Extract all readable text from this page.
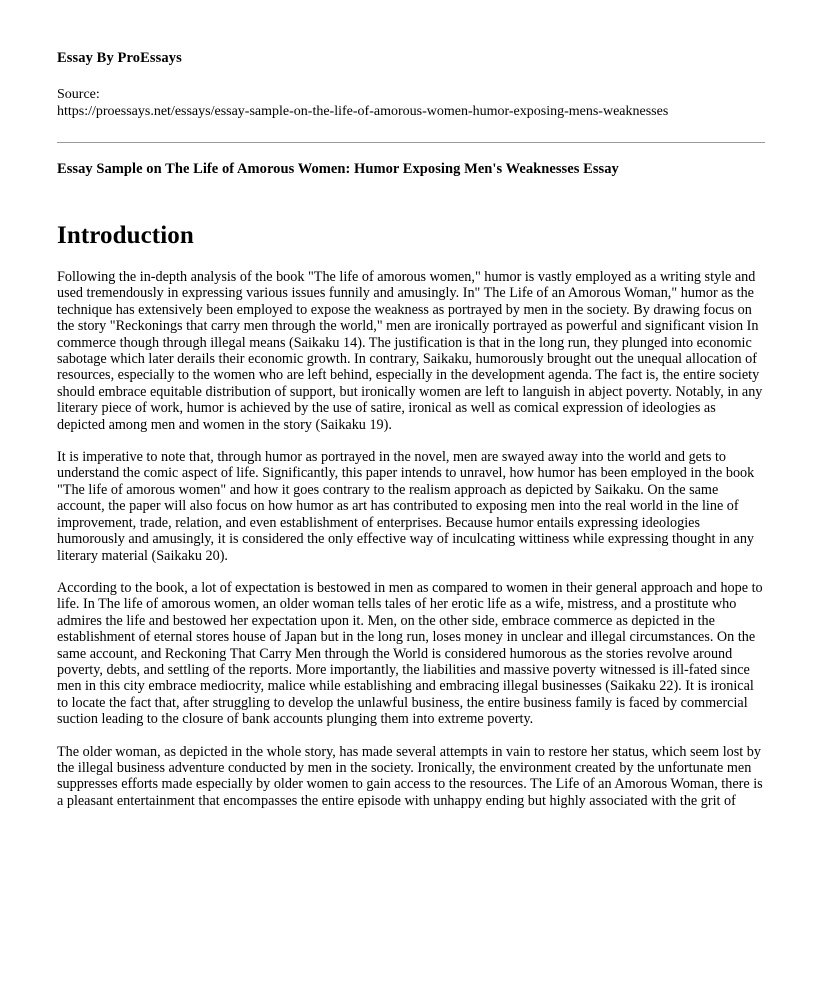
Essay By ProEssays
Source:
https://proessays.net/essays/essay-sample-on-the-life-of-amorous-women-humor-exposing-mens-weaknesses
Essay Sample on The Life of Amorous Women: Humor Exposing Men's Weaknesses Essay
Introduction

Following the in-depth analysis of the book "The life of amorous women," humor is vastly employed as a writing style and used tremendously in expressing various issues funnily and amusingly. In" The Life of an Amorous Woman," humor as the technique has extensively been employed to expose the weakness as portrayed by men in the society. By drawing focus on the story "Reckonings that carry men through the world," men are ironically portrayed as powerful and significant vision In commerce though through illegal means (Saikaku 14). The justification is that in the long run, they plunged into economic sabotage which later derails their economic growth. In contrary, Saikaku, humorously brought out the unequal allocation of resources, especially to the women who are left behind, especially in the development agenda. The fact is, the entire society should embrace equitable distribution of support, but ironically women are left to languish in abject poverty. Notably, in any literary piece of work, humor is achieved by the use of satire, ironical as well as comical expression of ideologies as depicted among men and women in the story (Saikaku 19).

It is imperative to note that, through humor as portrayed in the novel, men are swayed away into the world and gets to understand the comic aspect of life. Significantly, this paper intends to unravel, how humor has been employed in the book "The life of amorous women" and how it goes contrary to the realism approach as depicted by Saikaku. On the same account, the paper will also focus on how humor as art has contributed to exposing men into the real world in the line of improvement, trade, relation, and even establishment of enterprises. Because humor entails expressing ideologies humorously and amusingly, it is considered the only effective way of inculcating wittiness while expressing thought in any literary material (Saikaku 20).

According to the book, a lot of expectation is bestowed in men as compared to women in their general approach and hope to life. In The life of amorous women, an older woman tells tales of her erotic life as a wife, mistress, and a prostitute who admires the life and bestowed her expectation upon it. Men, on the other side, embrace commerce as depicted in the establishment of eternal stores house of Japan but in the long run, loses money in unclear and illegal circumstances. On the same account, and Reckoning That Carry Men through the World is considered humorous as the stories revolve around poverty, debts, and settling of the reports. More importantly, the liabilities and massive poverty witnessed is ill-fated since men in this city embrace mediocrity, malice while establishing and embracing illegal businesses (Saikaku 22). It is ironical to locate the fact that, after struggling to develop the unlawful business, the entire business family is faced by commercial suction leading to the closure of bank accounts plunging them into extreme poverty.

The older woman, as depicted in the whole story, has made several attempts in vain to restore her status, which seem lost by the illegal business adventure conducted by men in the society. Ironically, the environment created by the unfortunate men suppresses efforts made especially by older women to gain access to the resources. The Life of an Amorous Woman, there is a pleasant entertainment that encompasses the entire episode with unhappy ending but highly associated with the grit of
